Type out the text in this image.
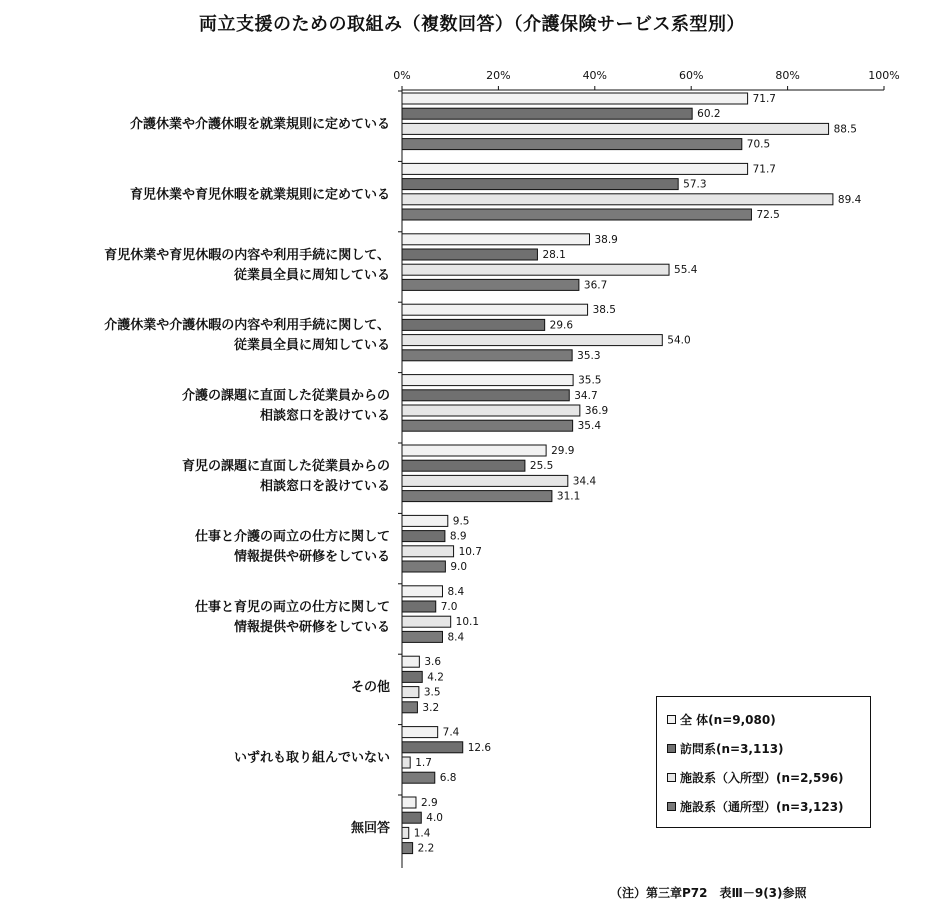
両立支援のための取組み（複数回答）（介護保険サービス系型別）
0%	20%	40%	60%	80%	100%
71.7
60.2
88.5
70.5
介護休業や介護休暇を就業規則に定めている
71.7
57.3
89.4
72.5
育児休業や育児休暇を就業規則に定めている
38.9
28.1
55.4
36.7
育児休業や育児休暇の内容や利用手続に関して、
従業員全員に周知している
38.5
29.6
54.0
35.3
介護休業や介護休暇の内容や利用手続に関して、
従業員全員に周知している
35.5
34.7
36.9
35.4
介護の課題に直面した従業員からの
相談窓口を設けている
29.9
25.5
34.4
31.1
育児の課題に直面した従業員からの
相談窓口を設けている
9.5
8.9
10.7
9.0
仕事と介護の両立の仕方に関して
情報提供や研修をしている
8.4
7.0
10.1
8.4
仕事と育児の両立の仕方に関して
情報提供や研修をしている
3.6
4.2
3.5
3.2
その他
7.4
12.6
1.7
6.8
いずれも取り組んでいない
2.9
4.0
1.4
2.2
無回答
全 体(n=9,080)
訪問系(n=3,113)
施設系（入所型）(n=2,596)
施設系（通所型）(n=3,123)
（注）第三章P72　表Ⅲ－9(3)参照
